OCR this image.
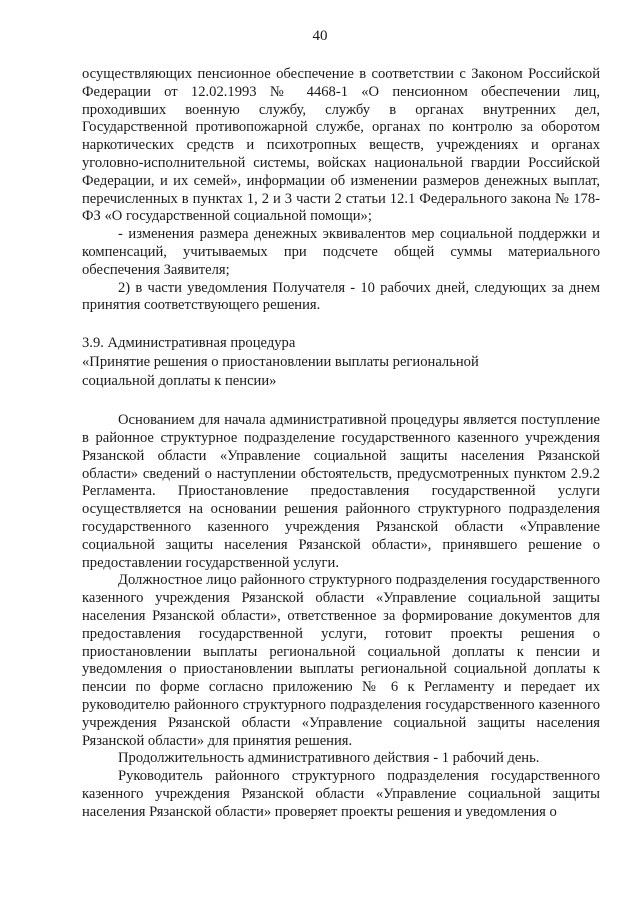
40

осуществляющих пенсионное обеспечение в соответствии с Законом Российской Федерации от 12.02.1993 № 4468-1 «О пенсионном обеспечении лиц, проходивших военную службу, службу в органах внутренних дел, Государственной противопожарной службе, органах по контролю за оборотом наркотических средств и психотропных веществ, учреждениях и органах уголовно-исполнительной системы, войсках национальной гвардии Российской Федерации, и их семей», информации об изменении размеров денежных выплат, перечисленных в пунктах 1, 2 и 3 части 2 статьи 12.1 Федерального закона № 178-ФЗ «О государственной социальной помощи»;

- изменения размера денежных эквивалентов мер социальной поддержки и компенсаций, учитываемых при подсчете общей суммы материального обеспечения Заявителя;

2) в части уведомления Получателя - 10 рабочих дней, следующих за днем принятия соответствующего решения.

3.9. Административная процедура

«Принятие решения о приостановлении выплаты региональной

социальной доплаты к пенсии»

Основанием для начала административной процедуры является поступление в районное структурное подразделение государственного казенного учреждения Рязанской области «Управление социальной защиты населения Рязанской области» сведений о наступлении обстоятельств, предусмотренных пунктом 2.9.2 Регламента. Приостановление предоставления государственной услуги осуществляется на основании решения районного структурного подразделения государственного казенного учреждения Рязанской области «Управление социальной защиты населения Рязанской области», принявшего решение о предоставлении государственной услуги.

Должностное лицо районного структурного подразделения государственного казенного учреждения Рязанской области «Управление социальной защиты населения Рязанской области», ответственное за формирование документов для предоставления государственной услуги, готовит проекты решения о приостановлении выплаты региональной социальной доплаты к пенсии и уведомления о приостановлении выплаты региональной социальной доплаты к пенсии по форме согласно приложению № 6 к Регламенту и передает их руководителю районного структурного подразделения государственного казенного учреждения Рязанской области «Управление социальной защиты населения Рязанской области» для принятия решения.

Продолжительность административного действия - 1 рабочий день.

Руководитель районного структурного подразделения государственного казенного учреждения Рязанской области «Управление социальной защиты населения Рязанской области» проверяет проекты решения и уведомления о
